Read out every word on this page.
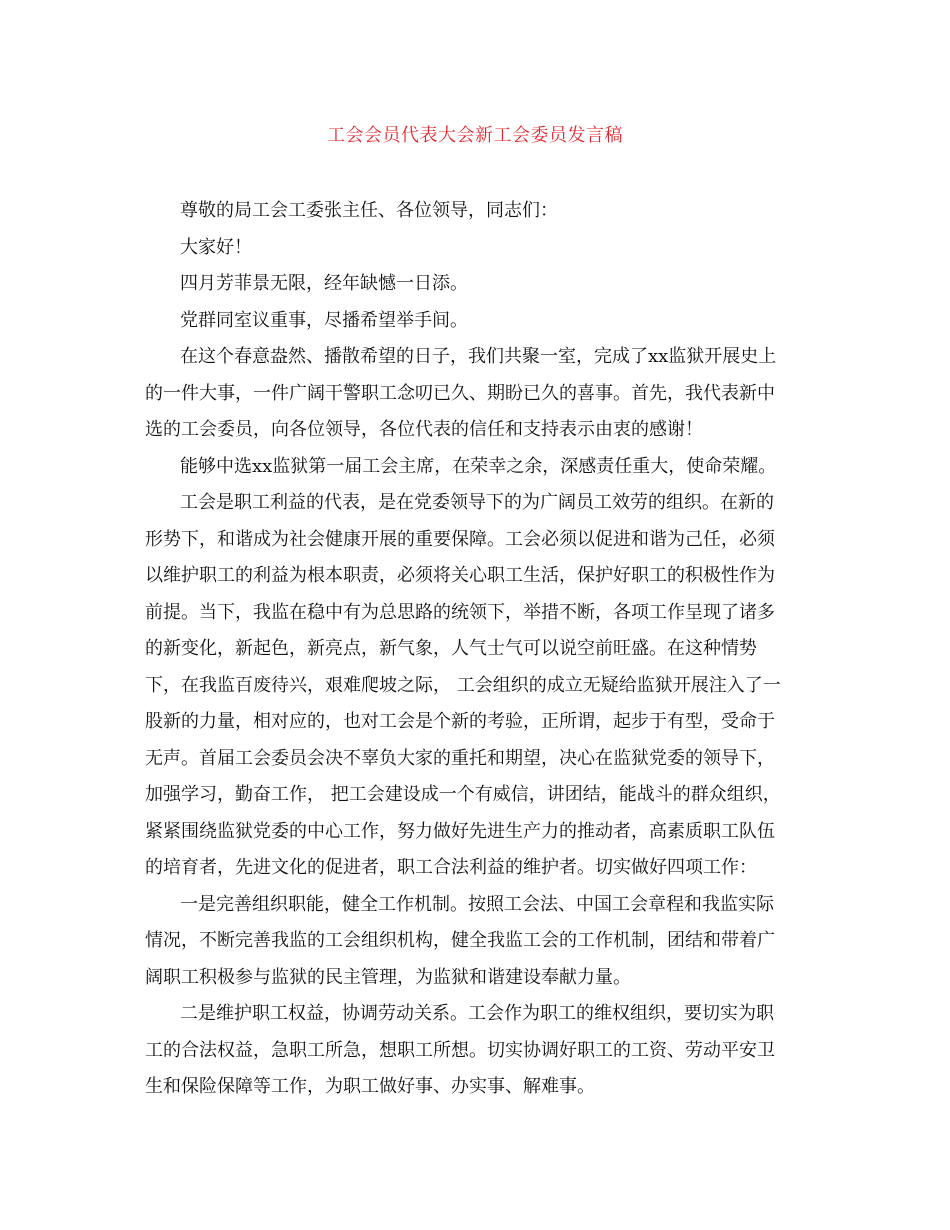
工会会员代表大会新工会委员发言稿
尊敬的局工会工委张主任、各位领导，同志们：
大家好！
四月芳菲景无限，经年缺憾一日添。
党群同室议重事，尽播希望举手间。
在这个春意盎然、播散希望的日子，我们共聚一室，完成了xx监狱开展史上
的一件大事，一件广阔干警职工念叨已久、期盼已久的喜事。首先，我代表新中
选的工会委员，向各位领导，各位代表的信任和支持表示由衷的感谢！
能够中选xx监狱第一届工会主席，在荣幸之余，深感责任重大，使命荣耀。
工会是职工利益的代表，是在党委领导下的为广阔员工效劳的组织。在新的
形势下，和谐成为社会健康开展的重要保障。工会必须以促进和谐为己任，必须
以维护职工的利益为根本职责，必须将关心职工生活，保护好职工的积极性作为
前提。当下，我监在稳中有为总思路的统领下，举措不断，各项工作呈现了诸多
的新变化，新起色，新亮点，新气象，人气士气可以说空前旺盛。在这种情势
下，在我监百废待兴，艰难爬坡之际， 工会组织的成立无疑给监狱开展注入了一
股新的力量，相对应的，也对工会是个新的考验，正所谓，起步于有型，受命于
无声。首届工会委员会决不辜负大家的重托和期望，决心在监狱党委的领导下，
加强学习，勤奋工作， 把工会建设成一个有威信，讲团结，能战斗的群众组织，
紧紧围绕监狱党委的中心工作，努力做好先进生产力的推动者，高素质职工队伍
的培育者，先进文化的促进者，职工合法利益的维护者。切实做好四项工作：
一是完善组织职能，健全工作机制。按照工会法、中国工会章程和我监实际
情况，不断完善我监的工会组织机构，健全我监工会的工作机制，团结和带着广
阔职工积极参与监狱的民主管理，为监狱和谐建设奉献力量。
二是维护职工权益，协调劳动关系。工会作为职工的维权组织，要切实为职
工的合法权益，急职工所急，想职工所想。切实协调好职工的工资、劳动平安卫
生和保险保障等工作，为职工做好事、办实事、解难事。
